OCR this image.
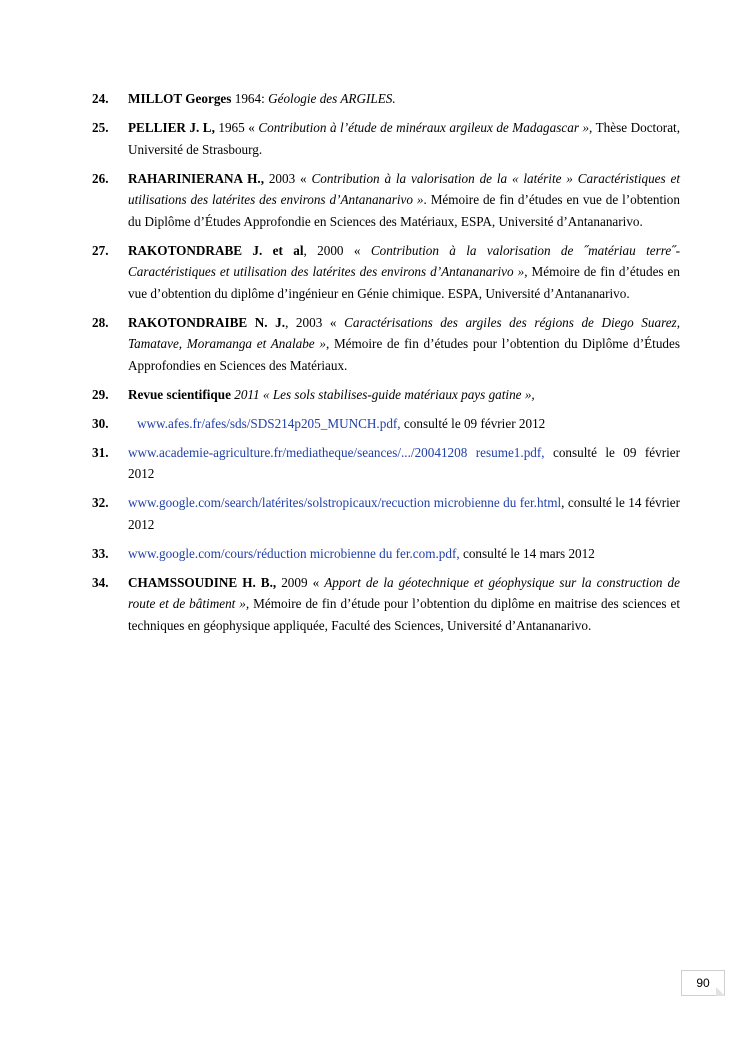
24. MILLOT Georges 1964: Géologie des ARGILES.
25. PELLIER J. L, 1965 « Contribution à l’étude de minéraux argileux de Madagascar », Thèse Doctorat, Université de Strasbourg.
26. RAHARINIERANA H., 2003 « Contribution à la valorisation de la « latérite » Caractéristiques et utilisations des latérites des environs d’Antananarivo ». Mémoire de fin d’études en vue de l’obtention du Diplôme d’Études Approfondie en Sciences des Matériaux, ESPA, Université d’Antananarivo.
27. RAKOTONDRABE J. et al, 2000 « Contribution à la valorisation de ˝matériau terre˝-Caractéristiques et utilisation des latérites des environs d’Antananarivo », Mémoire de fin d’études en vue d’obtention du diplôme d’ingénieur en Génie chimique. ESPA, Université d’Antananarivo.
28. RAKOTONDRAIBE N. J., 2003 « Caractérisations des argiles des régions de Diego Suarez, Tamatave, Moramanga et Analabe », Mémoire de fin d’études pour l’obtention du Diplôme d’Études Approfondies en Sciences des Matériaux.
29. Revue scientifique 2011 « Les sols stabilises-guide matériaux pays gatine »,
30. www.afes.fr/afes/sds/SDS214p205_MUNCH.pdf, consulté le 09 février 2012
31. www.academie-agriculture.fr/mediatheque/seances/.../20041208 resume1.pdf, consulté le 09 février 2012
32. www.google.com/search/latérites/solstropicaux/recuction microbienne du fer.html, consulté le 14 février 2012
33. www.google.com/cours/réduction microbienne du fer.com.pdf, consulté le 14 mars 2012
34. CHAMSSOUDINE H. B., 2009 « Apport de la géotechnique et géophysique sur la construction de route et de bâtiment », Mémoire de fin d’étude pour l’obtention du diplôme en maitrise des sciences et techniques en géophysique appliquée, Faculté des Sciences, Université d’Antananarivo.
90
